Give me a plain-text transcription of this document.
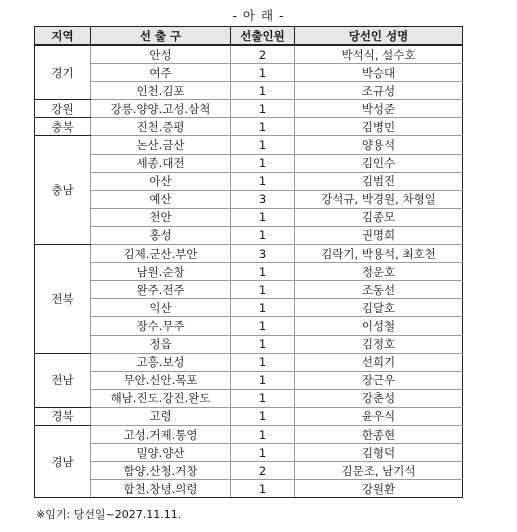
- 아 래 -
지역	선 출 구	선출인원	당선인 성명
경기	안성	2	박석식, 설수호
	여주	1	박승대
	인천.김포	1	조규성
강원	강릉.양양.고성.삼척	1	박성준
충북	진천.증평	1	김병민
충남	논산.금산	1	양용석
	세종.대전	1	김인수
	아산	1	김범진
	예산	3	강석규, 박경원, 차형일
	천안	1	김종모
	홍성	1	권명희
전북	김제.군산.부안	3	김락기, 박용석, 최호천
	남원.순창	1	정운호
	완주.전주	1	조동선
	익산	1	김달호
	장수.무주	1	이성철
	정읍	1	김정호
전남	고흥.보성	1	선희기
	무안.신안.목포	1	장근우
	해남.진도.강진.완도	1	강춘성
경북	고령	1	윤우식
경남	고성.거제.통영	1	한종현
	밀양.양산	1	김형덕
	함양.산청.거창	2	김문조, 남기석
	합천.창녕.의령	1	강원환
※임기: 당선일~2027.11.11.
